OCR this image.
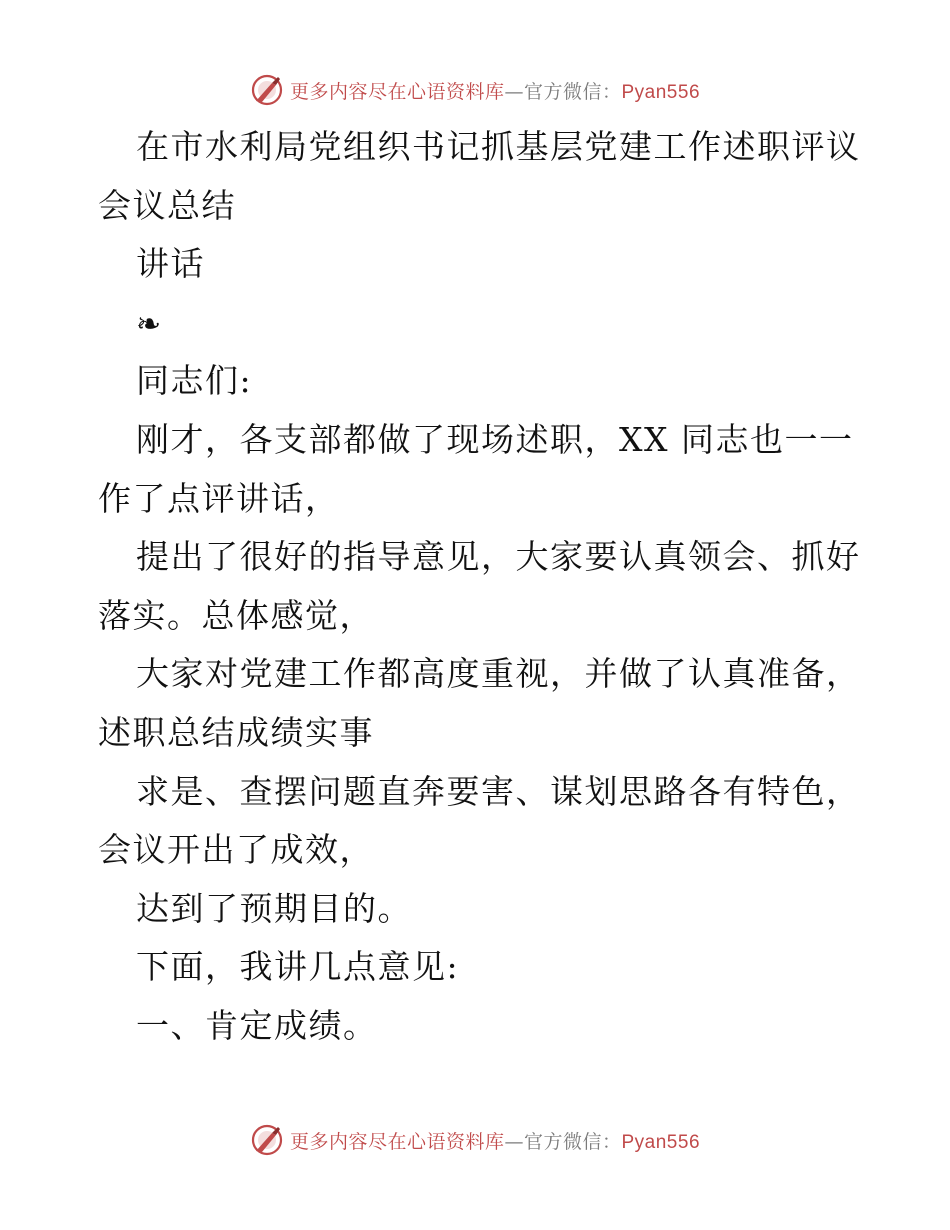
更多内容尽在心语资料库—官方微信：Pyan556
在市水利局党组织书记抓基层党建工作述职评议
会议总结
讲话
❧
同志们:
刚才，各支部都做了现场述职，XX 同志也一一
作了点评讲话，
提出了很好的指导意见，大家要认真领会、抓好
落实。总体感觉，
大家对党建工作都高度重视，并做了认真准备，
述职总结成绩实事
求是、查摆问题直奔要害、谋划思路各有特色，
会议开出了成效，
达到了预期目的。
下面，我讲几点意见:
一、肯定成绩。
更多内容尽在心语资料库—官方微信：Pyan556
